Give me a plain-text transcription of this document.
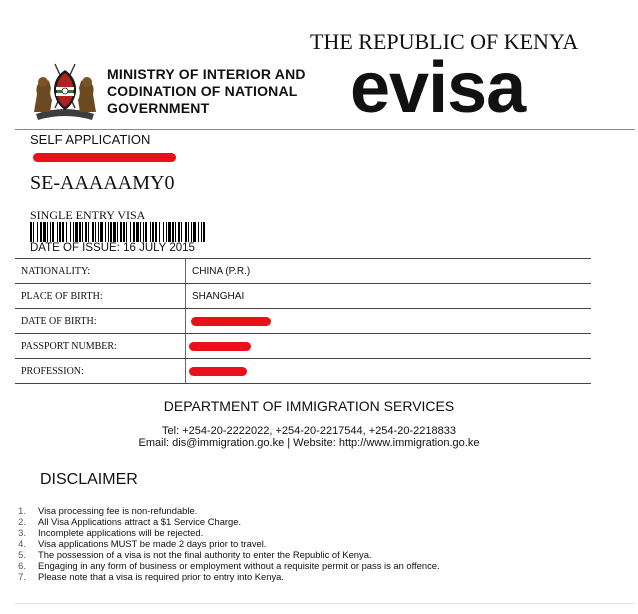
THE REPUBLIC OF KENYA
MINISTRY OF INTERIOR AND
CODINATION OF NATIONAL
GOVERNMENT	evisa
SELF APPLICATION
SE-AAAAAMY0
SINGLE ENTRY VISA
DATE OF ISSUE: 16 JULY 2015
NATIONALITY:	CHINA (P.R.)
PLACE OF BIRTH:	SHANGHAI
DATE OF BIRTH:	

PASSPORT NUMBER:	

PROFESSION:	
DEPARTMENT OF IMMIGRATION SERVICES
Tel: +254-20-2222022, +254-20-2217544, +254-20-2218833
Email: dis@immigration.go.ke | Website: http://www.immigration.go.ke
DISCLAIMER
1. Visa processing fee is non-refundable.
2. All Visa Applications attract a $1 Service Charge.
3. Incomplete applications will be rejected.
4. Visa applications MUST be made 2 days prior to travel.
5. The possession of a visa is not the final authority to enter the Republic of Kenya.
6. Engaging in any form of business or employment without a requisite permit or pass is an offence.
7. Please note that a visa is required prior to entry into Kenya.
